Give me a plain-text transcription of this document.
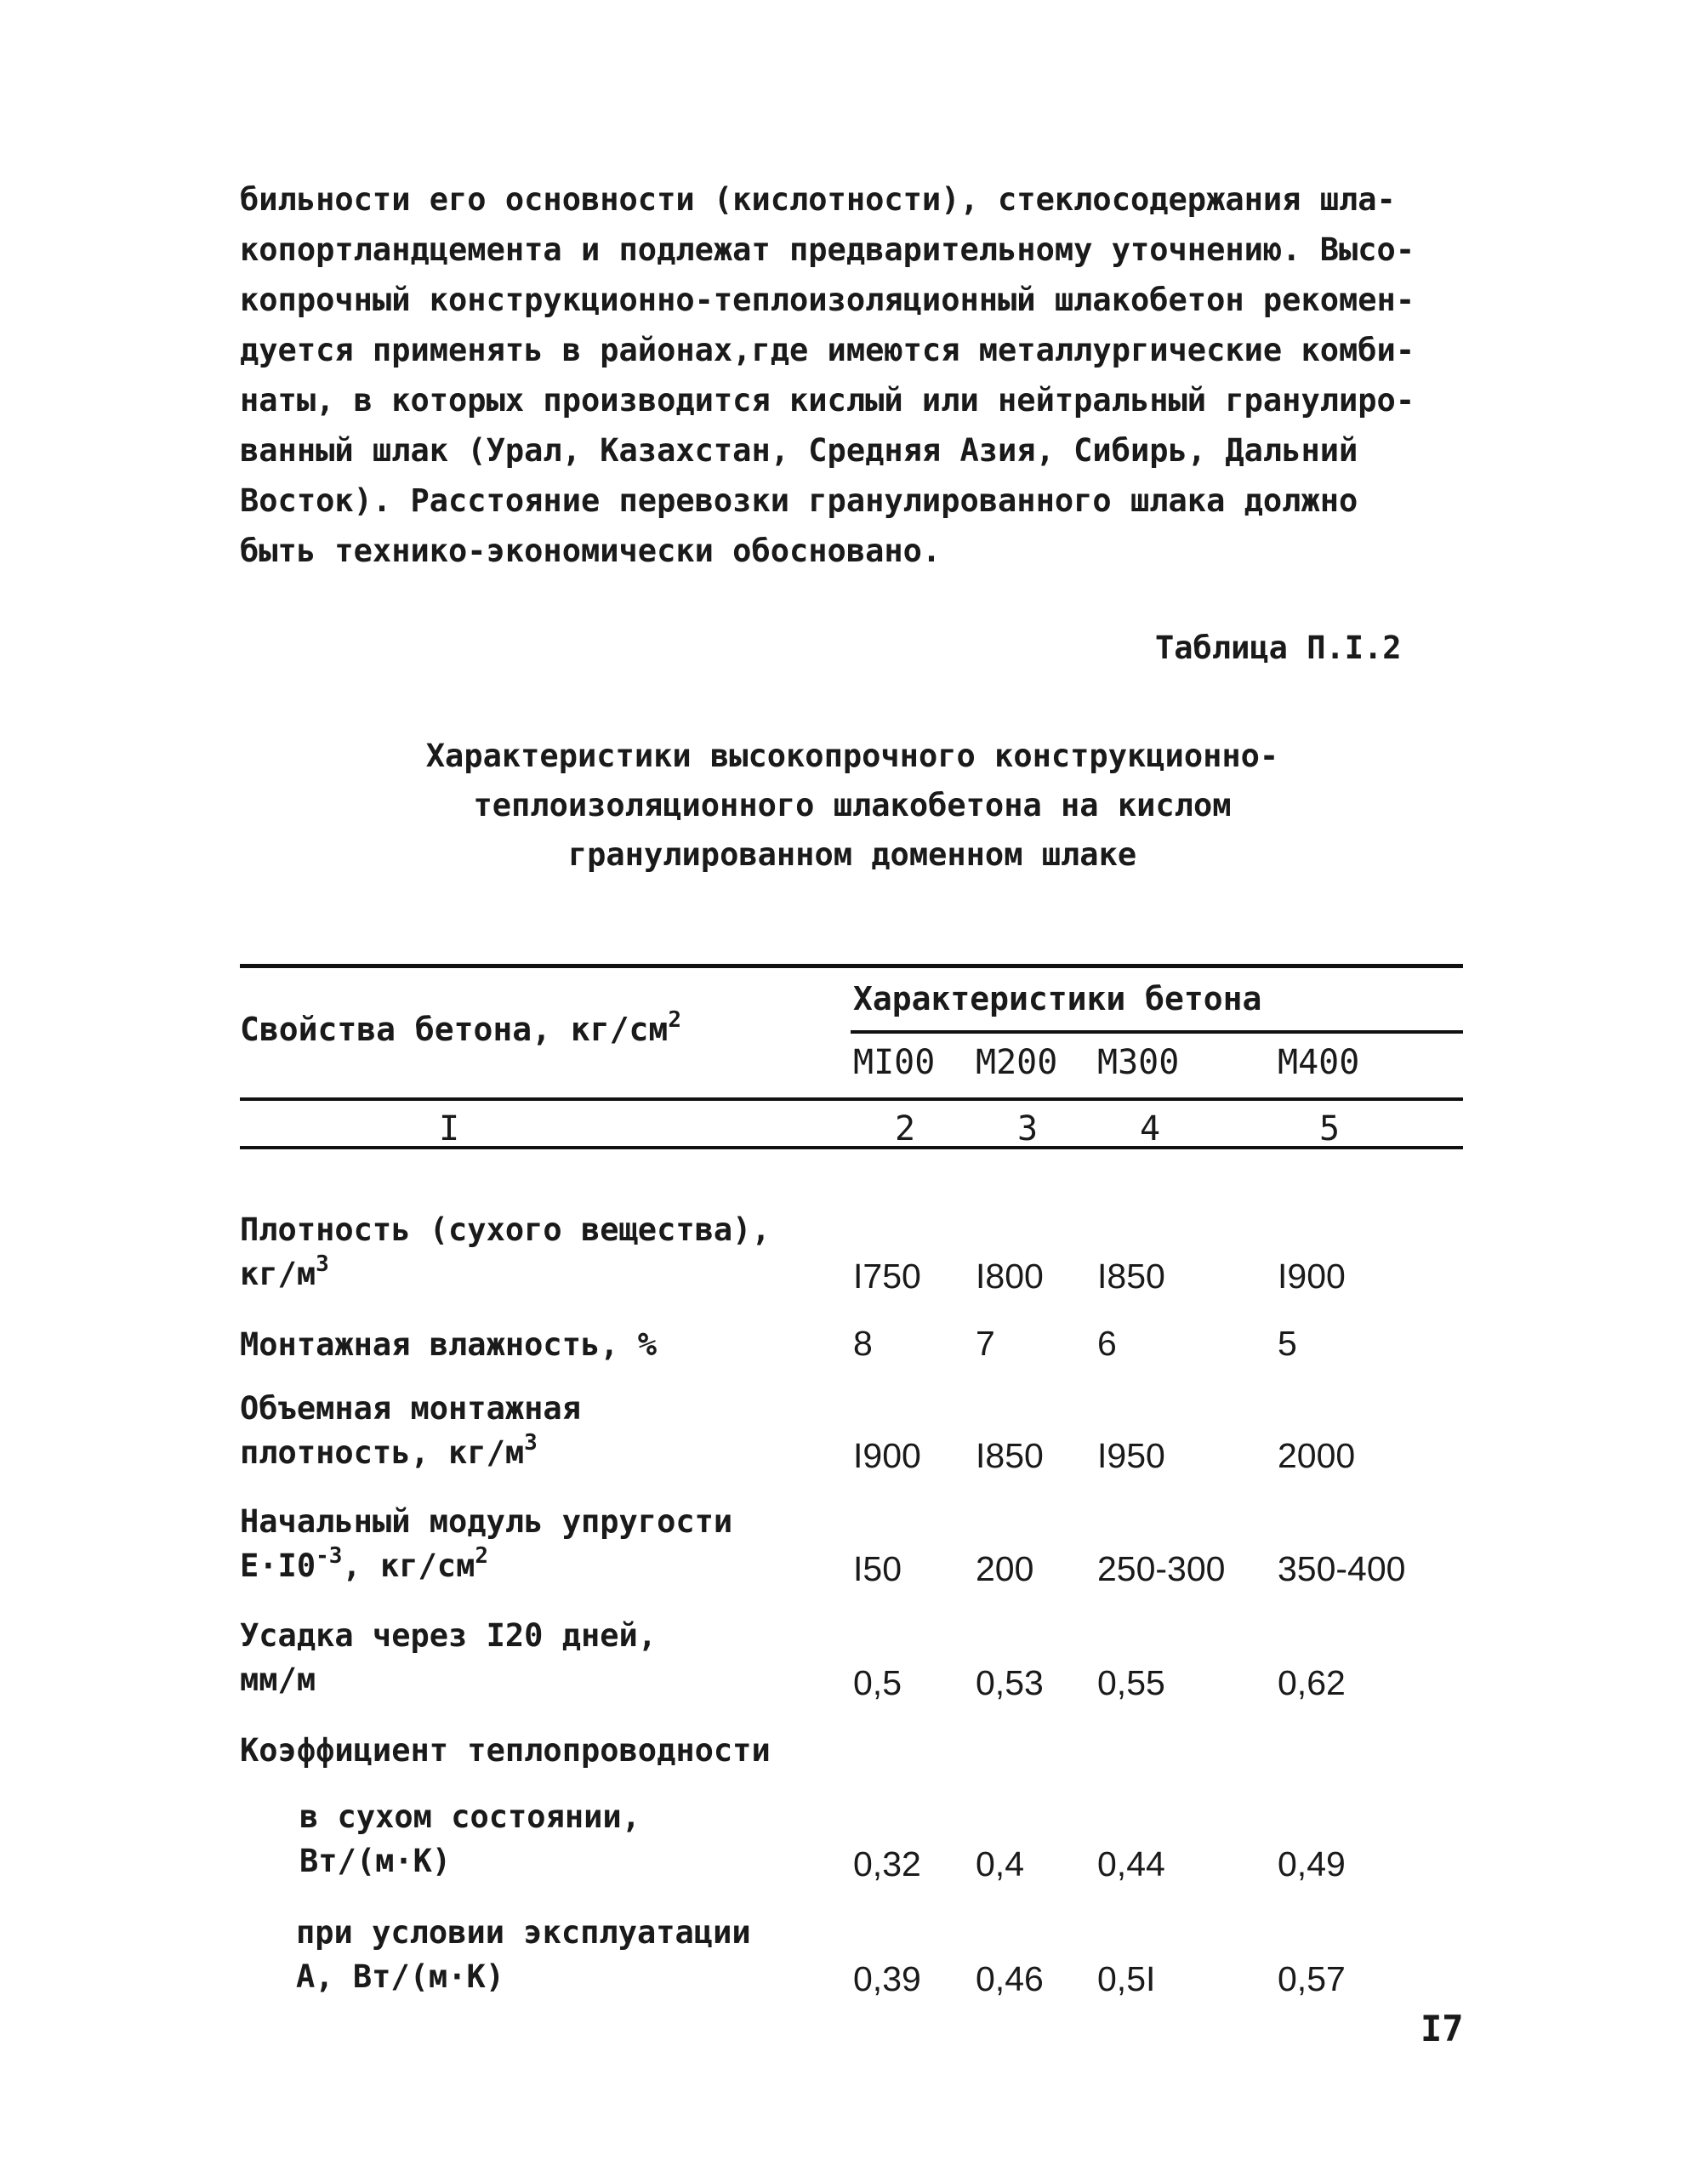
бильности его основности (кислотности), стеклосодержания шла-
копортландцемента и подлежат предварительному уточнению. Высо-
копрочный конструкционно-теплоизоляционный шлакобетон рекомен-
дуется применять в районах,где имеются металлургические комби-
наты, в которых производится кислый или нейтральный гранулиро-
ванный шлак (Урал, Казахстан, Средняя Азия, Сибирь, Дальний
Восток). Расстояние перевозки гранулированного шлака должно
быть технико-экономически обосновано.
Таблица П.I.2
Характеристики высокопрочного конструкционно-
теплоизоляционного шлакобетона на кислом
гранулированном доменном шлаке
Свойства бетона, $кг/см^2$
Характеристики бетона
MI00 M200 M300	M400
I	2	3	4	5
Плотность (сухого вещества),
$кг/м^3$	I750 I800 I850	I900
Монтажная влажность, %	8	7	6	5
Объемная монтажная
плотность, $кг/м^3$	I900 I850 I950	2000
Начальный модуль упругости
$E\cdot I0^{-3}$, $кг/см^2$	I50 200 250-300 350-400
Усадка через I20 дней,
мм/м	0,5 0,53 0,55	0,62
Коэффициент теплопроводности
в сухом состоянии,
Вт/(м·К)	0,32 0,4 0,44	0,49
при условии эксплуатации
А, Вт/(м·К)	0,39 0,46 0,5I	0,57
I7
